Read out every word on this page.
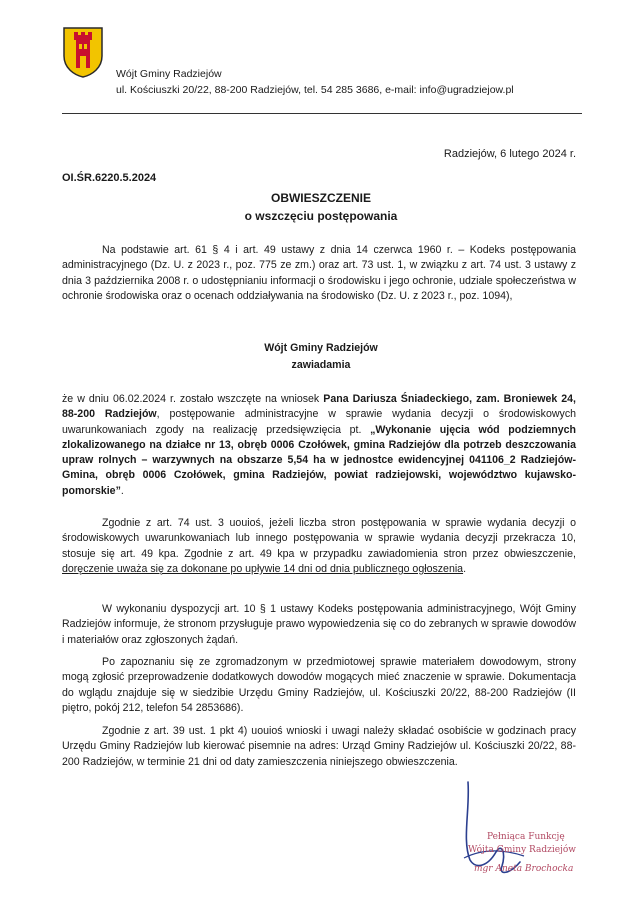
Wójt Gminy Radziejów
ul. Kościuszki 20/22, 88-200 Radziejów, tel. 54 285 3686, e-mail: info@ugradziejow.pl
Radziejów, 6 lutego 2024 r.
OI.ŚR.6220.5.2024
OBWIESZCZENIE
o wszczęciu postępowania

Na podstawie art. 61 § 4 i art. 49 ustawy z dnia 14 czerwca 1960 r. – Kodeks postępowania administracyjnego (Dz. U. z 2023 r., poz. 775 ze zm.) oraz art. 73 ust. 1, w związku z art. 74 ust. 3 ustawy z dnia 3 października 2008 r. o udostępnianiu informacji o środowisku i jego ochronie, udziale społeczeństwa w ochronie środowiska oraz o ocenach oddziaływania na środowisko (Dz. U. z 2023 r., poz. 1094),

Wójt Gminy Radziejów
zawiadamia

że w dniu 06.02.2024 r. zostało wszczęte na wniosek Pana Dariusza Śniadeckiego, zam. Broniewek 24, 88-200 Radziejów, postępowanie administracyjne w sprawie wydania decyzji o środowiskowych uwarunkowaniach zgody na realizację przedsięwzięcia pt. „Wykonanie ujęcia wód podziemnych zlokalizowanego na działce nr 13, obręb 0006 Czołówek, gmina Radziejów dla potrzeb deszczowania upraw rolnych – warzywnych na obszarze 5,54 ha w jednostce ewidencyjnej 041106_2 Radziejów-Gmina, obręb 0006 Czołówek, gmina Radziejów, powiat radziejowski, województwo kujawsko-pomorskie”.

Zgodnie z art. 74 ust. 3 uouioś, jeżeli liczba stron postępowania w sprawie wydania decyzji o środowiskowych uwarunkowaniach lub innego postępowania w sprawie wydania decyzji przekracza 10, stosuje się art. 49 kpa. Zgodnie z art. 49 kpa w przypadku zawiadomienia stron przez obwieszczenie, doręczenie uważa się za dokonane po upływie 14 dni od dnia publicznego ogłoszenia.

W wykonaniu dyspozycji art. 10 § 1 ustawy Kodeks postępowania administracyjnego, Wójt Gminy Radziejów informuje, że stronom przysługuje prawo wypowiedzenia się co do zebranych w sprawie dowodów i materiałów oraz zgłoszonych żądań.

Po zapoznaniu się ze zgromadzonym w przedmiotowej sprawie materiałem dowodowym, strony mogą zgłosić przeprowadzenie dodatkowych dowodów mogących mieć znaczenie w sprawie. Dokumentacja do wglądu znajduje się w siedzibie Urzędu Gminy Radziejów, ul. Kościuszki 20/22, 88-200 Radziejów (II piętro, pokój 212, telefon 54 2853686).

Zgodnie z art. 39 ust. 1 pkt 4) uouioś wnioski i uwagi należy składać osobiście w godzinach pracy Urzędu Gminy Radziejów lub kierować pisemnie na adres: Urząd Gminy Radziejów ul. Kościuszki 20/22, 88-200 Radziejów, w terminie 21 dni od daty zamieszczenia niniejszego obwieszczenia.

Pełniąca Funkcję
Wójta Gminy Radziejów
mgr Aneta Brochocka
